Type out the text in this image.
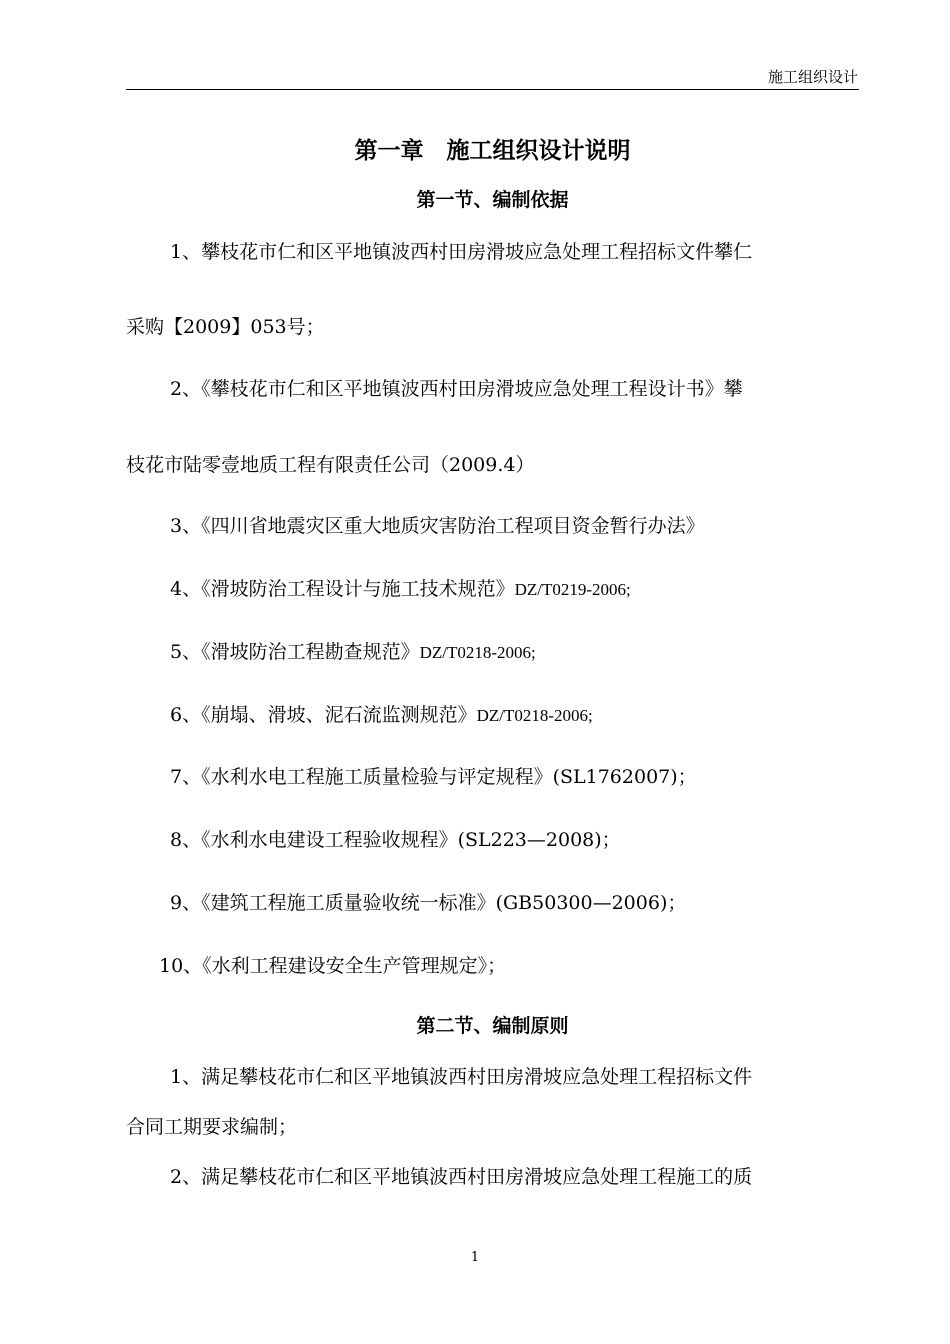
施工组织设计
第一章　施工组织设计说明
第一节、编制依据
1、攀枝花市仁和区平地镇波西村田房滑坡应急处理工程招标文件攀仁
采购【2009】053号；
2、《攀枝花市仁和区平地镇波西村田房滑坡应急处理工程设计书》攀
枝花市陆零壹地质工程有限责任公司（2009.4）
3、《四川省地震灾区重大地质灾害防治工程项目资金暂行办法》
4、《滑坡防治工程设计与施工技术规范》DZ/T0219-2006;
5、《滑坡防治工程勘查规范》DZ/T0218-2006;
6、《崩塌、滑坡、泥石流监测规范》DZ/T0218-2006;
7、《水利水电工程施工质量检验与评定规程》(SL1762007)；
8、《水利水电建设工程验收规程》(SL223—2008)；
9、《建筑工程施工质量验收统一标准》(GB50300—2006)；
10、《水利工程建设安全生产管理规定》；
第二节、编制原则
1、满足攀枝花市仁和区平地镇波西村田房滑坡应急处理工程招标文件
合同工期要求编制；
2、满足攀枝花市仁和区平地镇波西村田房滑坡应急处理工程施工的质
1
